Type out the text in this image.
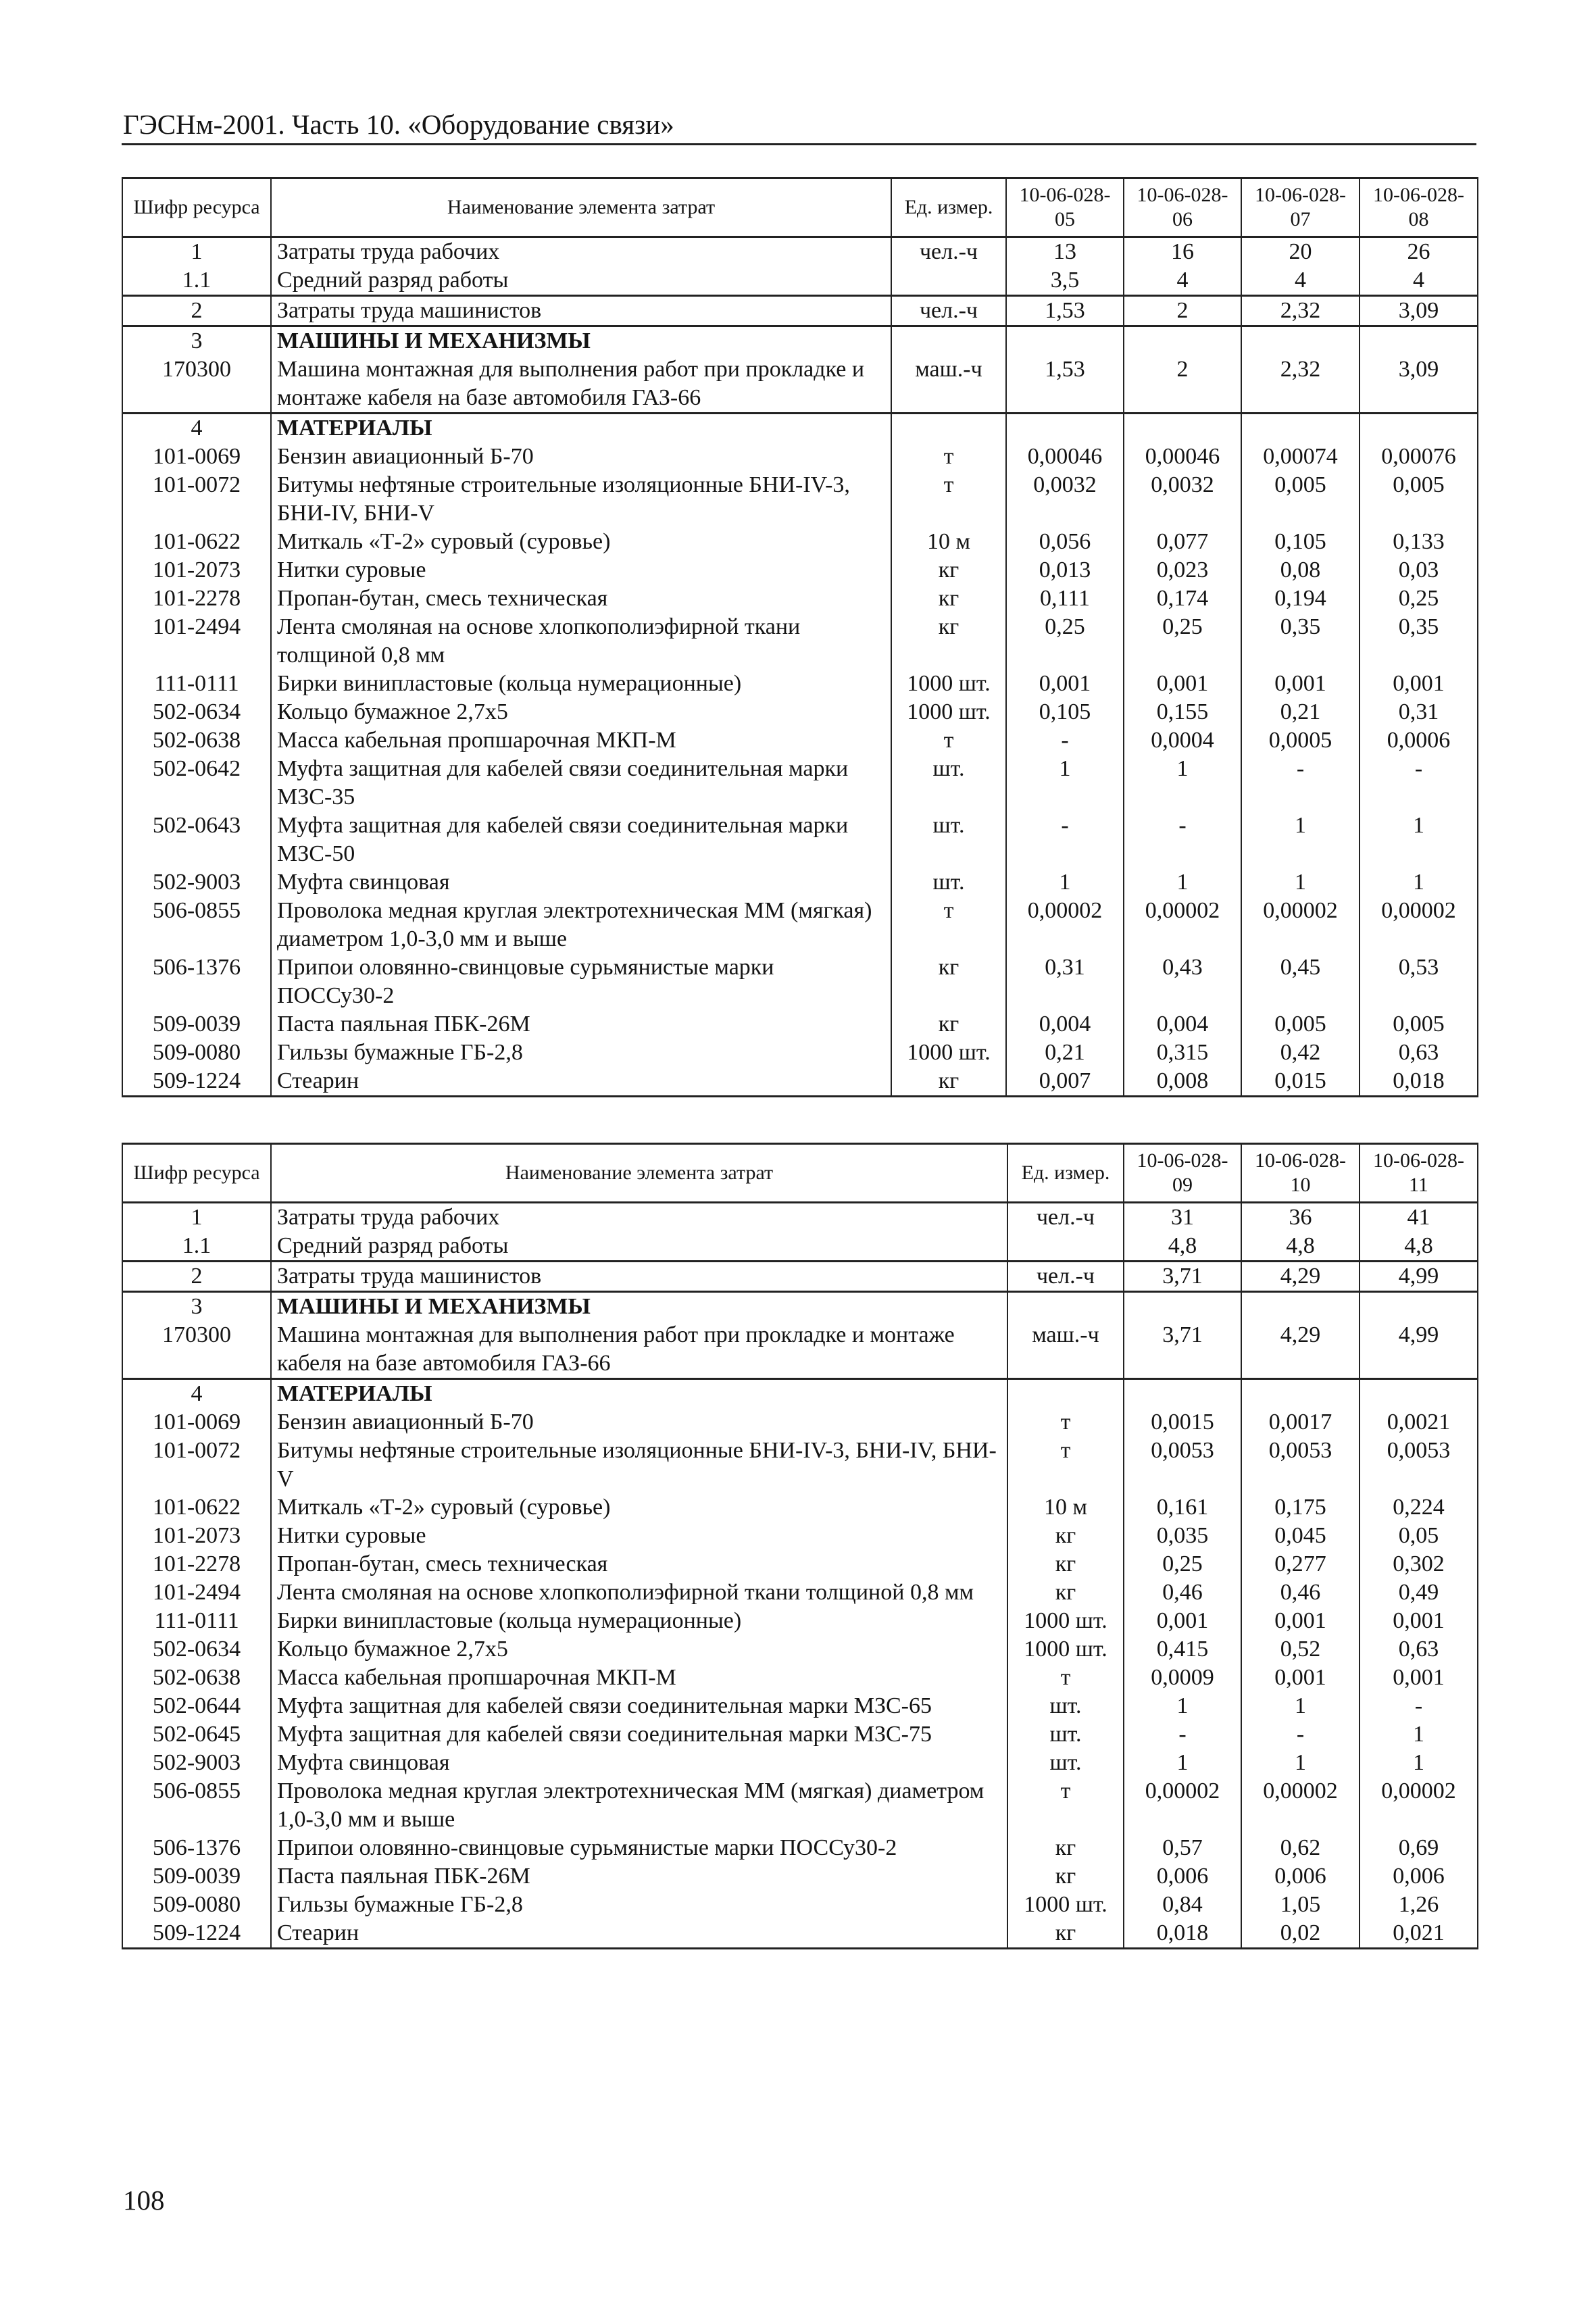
ГЭСНм-2001. Часть 10. «Оборудование связи»
Шифр ресурса	Наименование элемента затрат	Ед. измер.	10-06-028-05	10-06-028-06	10-06-028-07	10-06-028-08
1	Затраты труда рабочих	чел.-ч	13	16	20	26
1.1	Средний разряд работы		3,5	4	4	4
2	Затраты труда машинистов	чел.-ч	1,53	2	2,32	3,09
3	МАШИНЫ И МЕХАНИЗМЫ					
170300	Машина монтажная для выполнения работ при прокладке и монтаже кабеля на базе автомобиля ГАЗ-66	маш.-ч	1,53	2	2,32	3,09
4	МАТЕРИАЛЫ					
101-0069	Бензин авиационный Б-70	т	0,00046	0,00046	0,00074	0,00076
101-0072	Битумы нефтяные строительные изоляционные БНИ-IV-3, БНИ-IV, БНИ-V	т	0,0032	0,0032	0,005	0,005
101-0622	Миткаль «Т-2» суровый (суровье)	10 м	0,056	0,077	0,105	0,133
101-2073	Нитки суровые	кг	0,013	0,023	0,08	0,03
101-2278	Пропан-бутан, смесь техническая	кг	0,111	0,174	0,194	0,25
101-2494	Лента смоляная на основе хлопкополиэфирной ткани толщиной 0,8 мм	кг	0,25	0,25	0,35	0,35
111-0111	Бирки винипластовые (кольца нумерационные)	1000 шт.	0,001	0,001	0,001	0,001
502-0634	Кольцо бумажное 2,7х5	1000 шт.	0,105	0,155	0,21	0,31
502-0638	Масса кабельная пропшарочная МКП-М	т	-	0,0004	0,0005	0,0006
502-0642	Муфта защитная для кабелей связи соединительная марки МЗС-35	шт.	1	1	-	-
502-0643	Муфта защитная для кабелей связи соединительная марки МЗС-50	шт.	-	-	1	1
502-9003	Муфта свинцовая	шт.	1	1	1	1
506-0855	Проволока медная круглая электротехническая ММ (мягкая) диаметром 1,0-3,0 мм и выше	т	0,00002	0,00002	0,00002	0,00002
506-1376	Припои оловянно-свинцовые сурьмянистые марки ПОССу30-2	кг	0,31	0,43	0,45	0,53
509-0039	Паста паяльная ПБК-26М	кг	0,004	0,004	0,005	0,005
509-0080	Гильзы бумажные ГБ-2,8	1000 шт.	0,21	0,315	0,42	0,63
509-1224	Стеарин	кг	0,007	0,008	0,015	0,018
Шифр ресурса	Наименование элемента затрат	Ед. измер.	10-06-028-09	10-06-028-10	10-06-028-11
1	Затраты труда рабочих	чел.-ч	31	36	41
1.1	Средний разряд работы		4,8	4,8	4,8
2	Затраты труда машинистов	чел.-ч	3,71	4,29	4,99
3	МАШИНЫ И МЕХАНИЗМЫ				
170300	Машина монтажная для выполнения работ при прокладке и монтаже кабеля на базе автомобиля ГАЗ-66	маш.-ч	3,71	4,29	4,99
4	МАТЕРИАЛЫ				
101-0069	Бензин авиационный Б-70	т	0,0015	0,0017	0,0021
101-0072	Битумы нефтяные строительные изоляционные БНИ-IV-3, БНИ-IV, БНИ-V	т	0,0053	0,0053	0,0053
101-0622	Миткаль «Т-2» суровый (суровье)	10 м	0,161	0,175	0,224
101-2073	Нитки суровые	кг	0,035	0,045	0,05
101-2278	Пропан-бутан, смесь техническая	кг	0,25	0,277	0,302
101-2494	Лента смоляная на основе хлопкополиэфирной ткани толщиной 0,8 мм	кг	0,46	0,46	0,49
111-0111	Бирки винипластовые (кольца нумерационные)	1000 шт.	0,001	0,001	0,001
502-0634	Кольцо бумажное 2,7х5	1000 шт.	0,415	0,52	0,63
502-0638	Масса кабельная пропшарочная МКП-М	т	0,0009	0,001	0,001
502-0644	Муфта защитная для кабелей связи соединительная марки МЗС-65	шт.	1	1	-
502-0645	Муфта защитная для кабелей связи соединительная марки МЗС-75	шт.	-	-	1
502-9003	Муфта свинцовая	шт.	1	1	1
506-0855	Проволока медная круглая электротехническая ММ (мягкая) диаметром 1,0-3,0 мм и выше	т	0,00002	0,00002	0,00002
506-1376	Припои оловянно-свинцовые сурьмянистые марки ПОССу30-2	кг	0,57	0,62	0,69
509-0039	Паста паяльная ПБК-26М	кг	0,006	0,006	0,006
509-0080	Гильзы бумажные ГБ-2,8	1000 шт.	0,84	1,05	1,26
509-1224	Стеарин	кг	0,018	0,02	0,021
108
